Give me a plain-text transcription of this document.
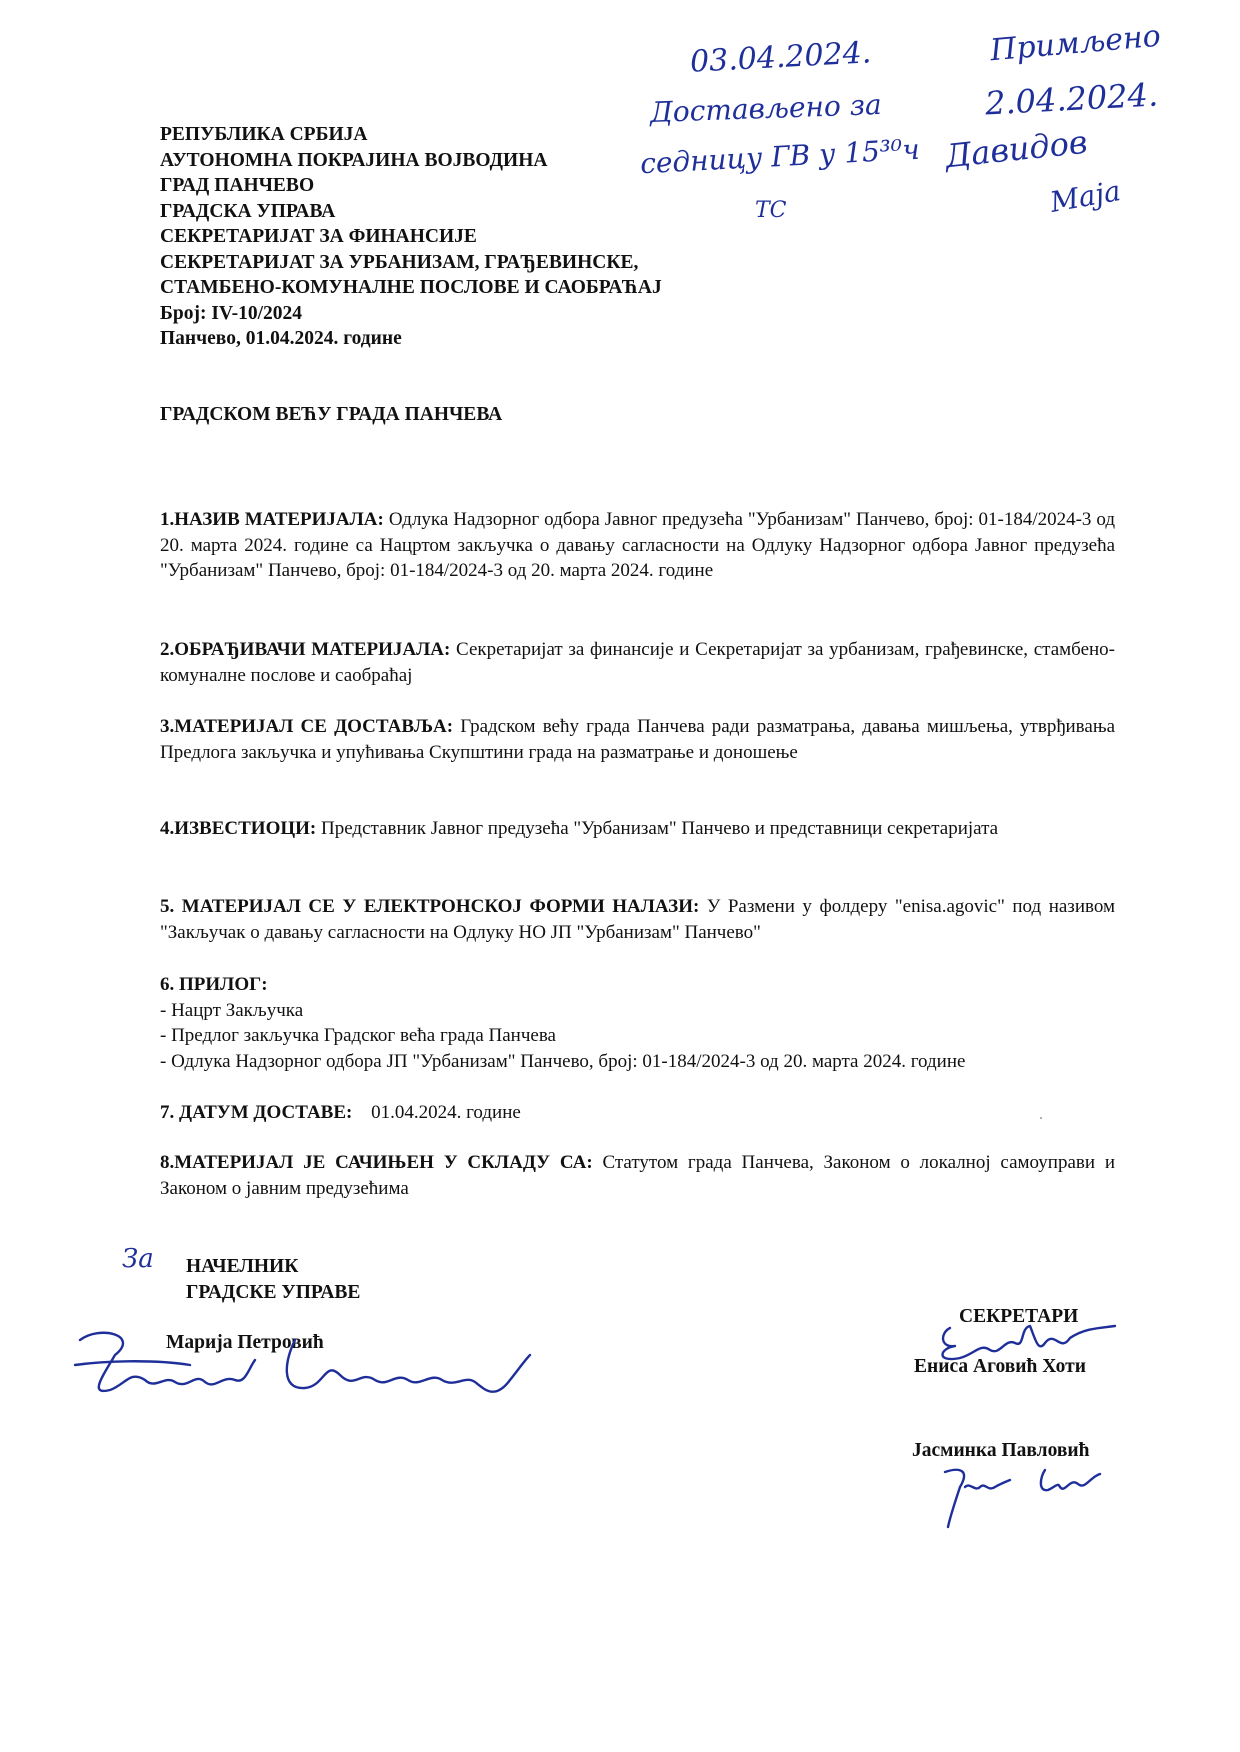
РЕПУБЛИКА СРБИЈА
АУТОНОМНА ПОКРАЈИНА ВОЈВОДИНА
ГРАД ПАНЧЕВО
ГРАДСКА УПРАВА
СЕКРЕТАРИЈАТ ЗА ФИНАНСИЈЕ
СЕКРЕТАРИЈАТ ЗА УРБАНИЗАМ, ГРАЂЕВИНСКЕ,
СТАМБЕНО-КОМУНАЛНЕ ПОСЛОВЕ И САОБРАЋАЈ
Број: IV-10/2024
Панчево, 01.04.2024. године
03.04.2024.
Достављено за
седницу ГВ у 15³⁰ч
ТС
Примљено
2.04.2024.
Давидов
Маја
ГРАДСКОМ ВЕЋУ ГРАДА ПАНЧЕВА
1.НАЗИВ МАТЕРИЈАЛА: Одлука Надзорног одбора Јавног предузећа "Урбанизам" Панчево, број: 01-184/2024-3 од 20. марта 2024. године са Нацртом закључка о давању сагласности на Одлуку Надзорног одбора Јавног предузећа "Урбанизам" Панчево, број: 01-184/2024-3 од 20. марта 2024. године
2.ОБРАЂИВАЧИ МАТЕРИЈАЛА: Секретаријат за финансије и Секретаријат за урбанизам, грађевинске, стамбено-комуналне послове и саобраћај
3.МАТЕРИЈАЛ СЕ ДОСТАВЉА: Градском већу града Панчева ради разматрања, давања мишљења, утврђивања Предлога закључка и упућивања Скупштини града на разматрање и доношење
4.ИЗВЕСТИОЦИ: Представник Јавног предузећа "Урбанизам" Панчево и представници секретаријата
5. МАТЕРИЈАЛ СЕ У ЕЛЕКТРОНСКОЈ ФОРМИ НАЛАЗИ: У Размени у фолдеру "enisa.agovic" под називом "Закључак о давању сагласности на Одлуку НО ЈП "Урбанизам" Панчево"
6. ПРИЛОГ:
- Нацрт Закључка
- Предлог закључка Градског већа града Панчева
- Одлука Надзорног одбора ЈП "Урбанизам" Панчево, број: 01-184/2024-3 од 20. марта 2024. године
7. ДАТУМ ДОСТАВЕ: 01.04.2024. године
8.МАТЕРИЈАЛ ЈЕ САЧИЊЕН У СКЛАДУ СА: Статутом града Панчева, Законом о локалној самоуправи и Законом о јавним предузећима
За НАЧЕЛНИК
ГРАДСКЕ УПРАВЕ
Марија Петровић
СЕКРЕТАРИ
Ениса Аговић Хоти
Јасминка Павловић
